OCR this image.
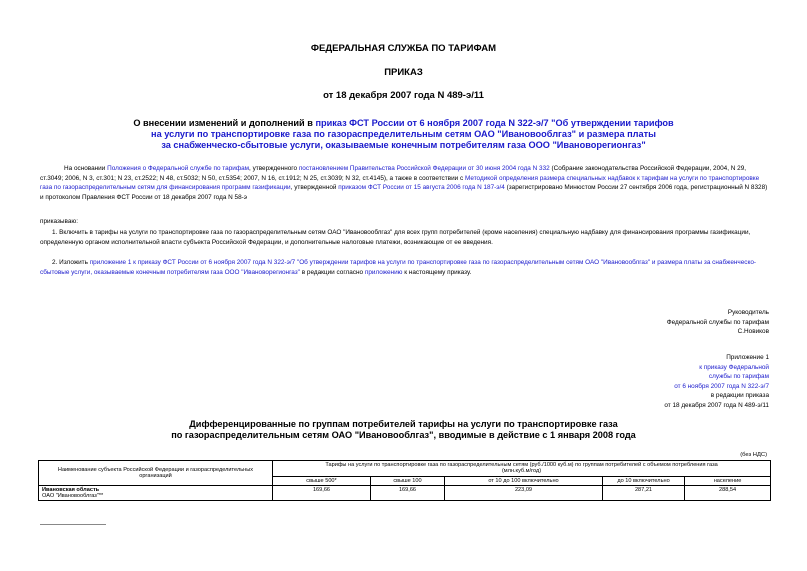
ФЕДЕРАЛЬНАЯ СЛУЖБА ПО ТАРИФАМ
ПРИКАЗ
от 18 декабря 2007 года N 489-э/11
О внесении изменений и дополнений в приказ ФСТ России от 6 ноября 2007 года N 322-э/7 "Об утверждении тарифов
на услуги по транспортировке газа по газораспределительным сетям ОАО "Ивановооблгаз" и размера платы
за снабженческо-сбытовые услуги, оказываемые конечным потребителям газа ООО "Ивановорегионгаз"
На основании Положения о Федеральной службе по тарифам, утвержденного постановлением Правительства Российской Федерации от 30 июня 2004 года N 332 (Собрание законодательства Российской Федерации, 2004, N 29, ст.3049; 2006, N 3, ст.301; N 23, ст.2522; N 48, ст.5032; N 50, ст.5354; 2007, N 16, ст.1912; N 25, ст.3039; N 32, ст.4145), а также в соответствии с Методикой определения размера специальных надбавок к тарифам на услуги по транспортировке газа по газораспределительным сетям для финансирования программ газификации, утвержденной приказом ФСТ России от 15 августа 2006 года N 187-э/4 (зарегистрировано Минюстом России 27 сентября 2006 года, регистрационный N 8328) и протоколом Правления ФСТ России от 18 декабря 2007 года N 58-э
приказываю:
1. Включить в тарифы на услуги по транспортировке газа по газораспределительным сетям ОАО "Ивановооблгаз" для всех групп потребителей (кроме населения) специальную надбавку для финансирования программы газификации, определенную органом исполнительной власти субъекта Российской Федерации, и дополнительные налоговые платежи, возникающие от ее введения.
2. Изложить приложение 1 к приказу ФСТ России от 6 ноября 2007 года N 322-э/7 "Об утверждении тарифов на услуги по транспортировке газа по газораспределительным сетям ОАО "Ивановооблгаз" и размера платы за снабженческо-сбытовые услуги, оказываемые конечным потребителям газа ООО "Ивановорегионгаз" в редакции согласно приложению к настоящему приказу.
Руководитель
Федеральной службы по тарифам
С.Новиков
Приложение 1
к приказу Федеральной
службы по тарифам
от 6 ноября 2007 года N 322-э/7
в редакции приказа
от 18 декабря 2007 года N 489-э/11
Дифференцированные по группам потребителей тарифы на услуги по транспортировке газа
по газораспределительным сетям ОАО "Ивановооблгаз", вводимые в действие с 1 января 2008 года
(без НДС)
Наименование субъекта Российской Федерации и газораспределительных организаций	Тарифы на услуги по транспортировке газа по газораспределительным сетям (руб./1000 куб.м) по группам потребителей с объемом потребления газа
(млн.куб.м/год)				
	свыше 500*	свыше 100	от 10 до 100 включительно	до 10 включительно	население

Ивановская область
ОАО "Ивановооблгаз"**	169,66	169,66	223,09	287,21	288,54
